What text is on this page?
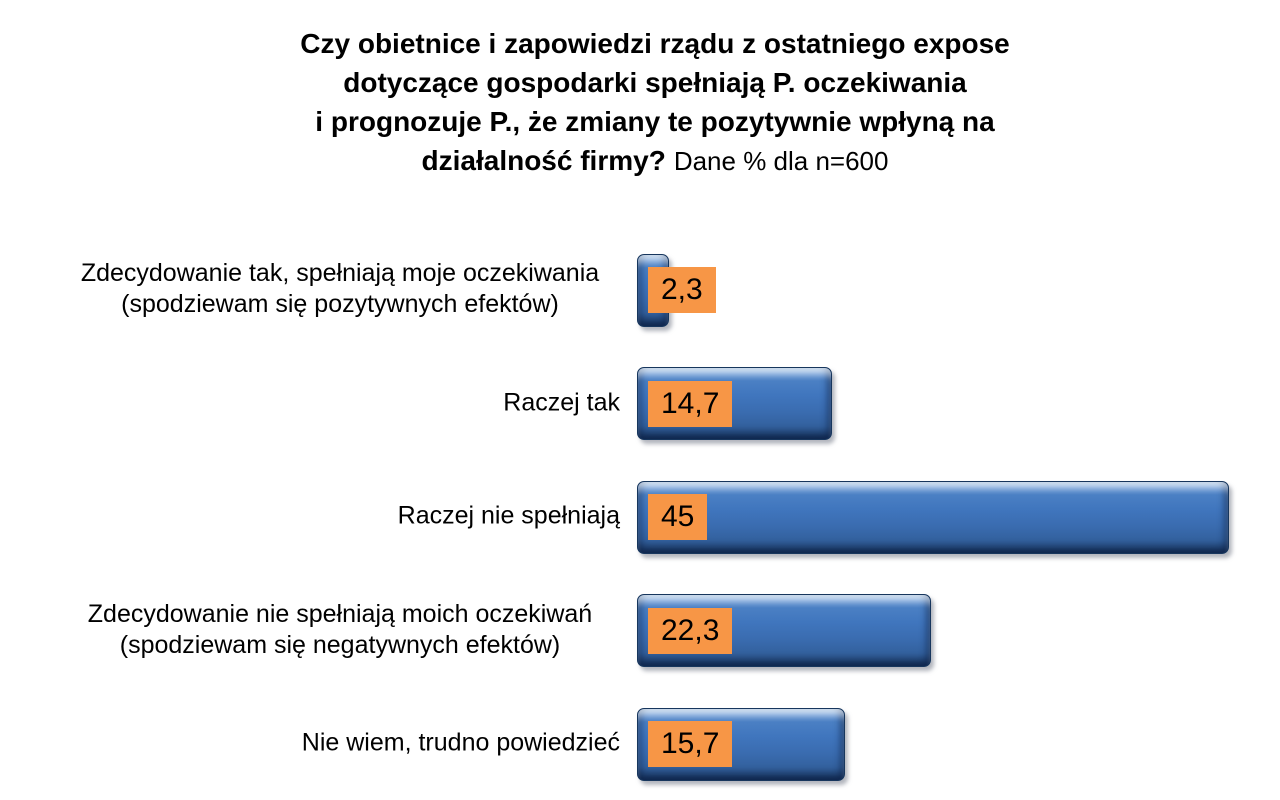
Czy obietnice i zapowiedzi rządu z ostatniego expose
dotyczące gospodarki spełniają P. oczekiwania
i prognozuje P., że zmiany te pozytywnie wpłyną na
działalność firmy? Dane % dla n=600
Zdecydowanie tak, spełniają moje oczekiwania (spodziewam się pozytywnych efektów)	2,3
Raczej tak	14,7
Raczej nie spełniają	45
Zdecydowanie nie spełniają moich oczekiwań (spodziewam się negatywnych efektów)	22,3
Nie wiem, trudno powiedzieć	15,7
